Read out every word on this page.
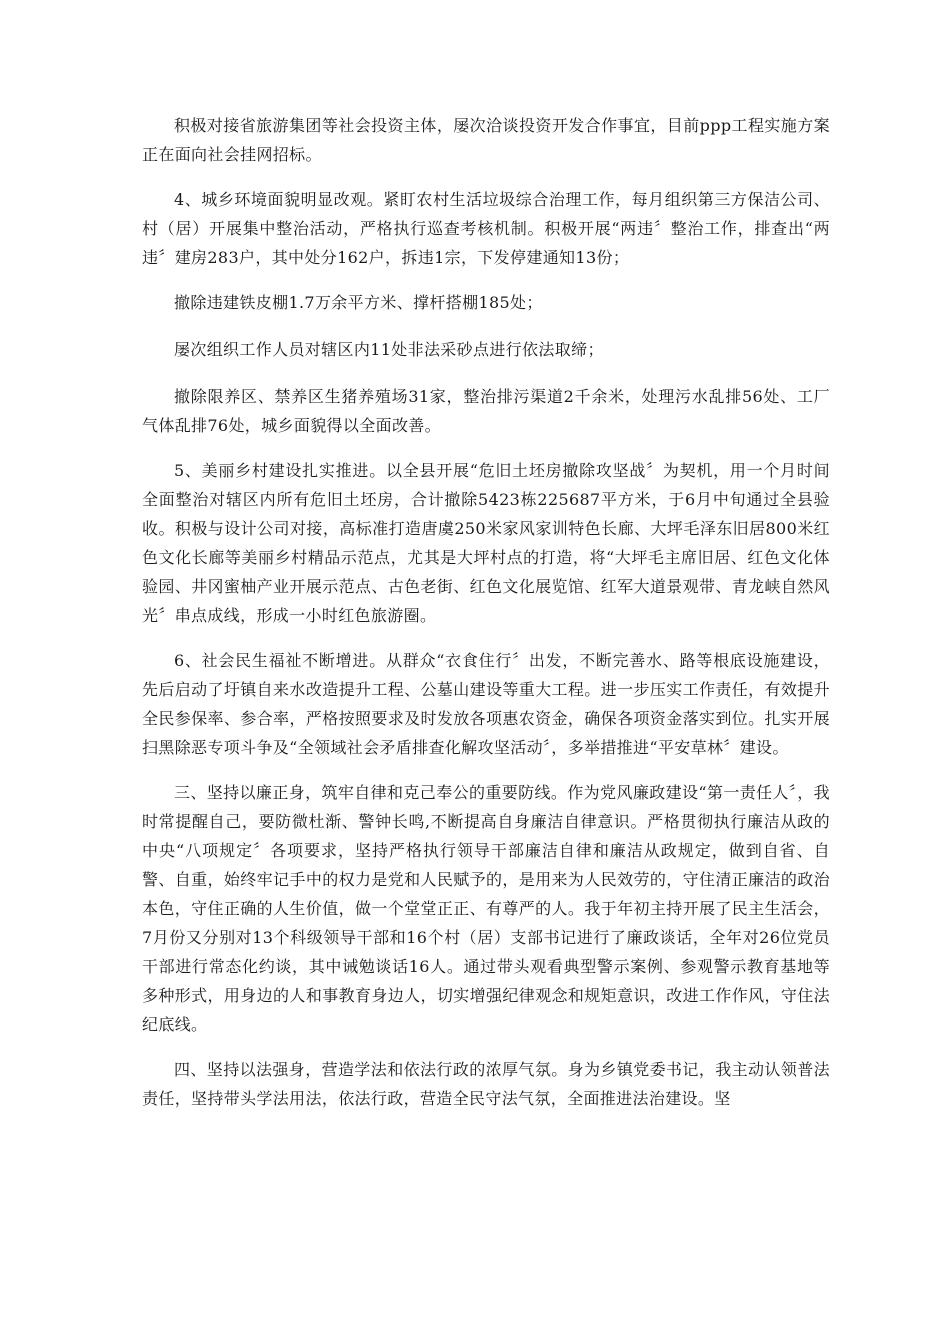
积极对接省旅游集团等社会投资主体，屡次洽谈投资开发合作事宜，目前ppp工程实施方案正在面向社会挂网招标。

4、城乡环境面貌明显改观。紧盯农村生活垃圾综合治理工作，每月组织第三方保洁公司、村（居）开展集中整治活动，严格执行巡查考核机制。积极开展“两违〞整治工作，排查出“两违〞建房283户，其中处分162户，拆违1宗，下发停建通知13份；

撤除违建铁皮棚1.7万余平方米、撑杆搭棚185处；

屡次组织工作人员对辖区内11处非法采砂点进行依法取缔；

撤除限养区、禁养区生猪养殖场31家，整治排污渠道2千余米，处理污水乱排56处、工厂气体乱排76处，城乡面貌得以全面改善。

5、美丽乡村建设扎实推进。以全县开展“危旧土坯房撤除攻坚战〞为契机，用一个月时间全面整治对辖区内所有危旧土坯房，合计撤除5423栋225687平方米，于6月中旬通过全县验收。积极与设计公司对接，高标准打造唐虞250米家风家训特色长廊、大坪毛泽东旧居800米红色文化长廊等美丽乡村精品示范点，尤其是大坪村点的打造，将“大坪毛主席旧居、红色文化体验园、井冈蜜柚产业开展示范点、古色老街、红色文化展览馆、红军大道景观带、青龙峡自然风光〞串点成线，形成一小时红色旅游圈。

6、社会民生福祉不断增进。从群众“衣食住行〞出发，不断完善水、路等根底设施建设，先后启动了圩镇自来水改造提升工程、公墓山建设等重大工程。进一步压实工作责任，有效提升全民参保率、参合率，严格按照要求及时发放各项惠农资金，确保各项资金落实到位。扎实开展扫黑除恶专项斗争及“全领域社会矛盾排查化解攻坚活动〞，多举措推进“平安草林〞建设。

三、坚持以廉正身，筑牢自律和克己奉公的重要防线。作为党风廉政建设“第一责任人〞，我时常提醒自己，要防微杜渐、警钟长鸣,不断提高自身廉洁自律意识。严格贯彻执行廉洁从政的中央“八项规定〞各项要求，坚持严格执行领导干部廉洁自律和廉洁从政规定，做到自省、自警、自重，始终牢记手中的权力是党和人民赋予的，是用来为人民效劳的，守住清正廉洁的政治本色，守住正确的人生价值，做一个堂堂正正、有尊严的人。我于年初主持开展了民主生活会，7月份又分别对13个科级领导干部和16个村（居）支部书记进行了廉政谈话，全年对26位党员干部进行常态化约谈，其中诫勉谈话16人。通过带头观看典型警示案例、参观警示教育基地等多种形式，用身边的人和事教育身边人，切实增强纪律观念和规矩意识，改进工作作风，守住法纪底线。

四、坚持以法强身，营造学法和依法行政的浓厚气氛。身为乡镇党委书记，我主动认领普法责任，坚持带头学法用法，依法行政，营造全民守法气氛，全面推进法治建设。坚
